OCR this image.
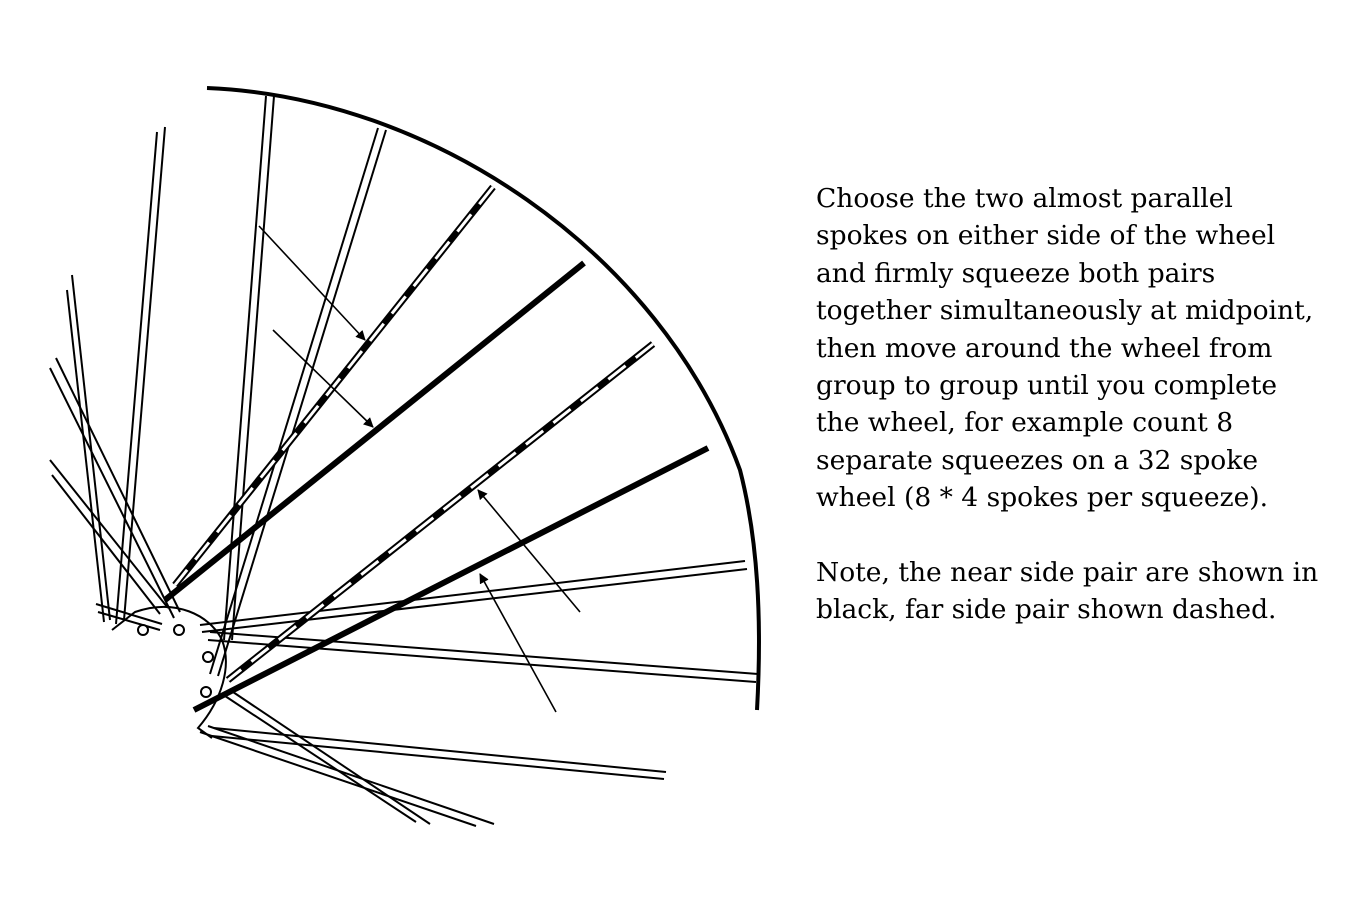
Choose the two almost parallel
spokes on either side of the wheel
and firmly squeeze both pairs
together simultaneously at midpoint,
then move around the wheel from
group to group until you complete
the wheel, for example count 8
separate squeezes on a 32 spoke
wheel (8 * 4 spokes per squeeze).

Note, the near side pair are shown in
black, far side pair shown dashed.
